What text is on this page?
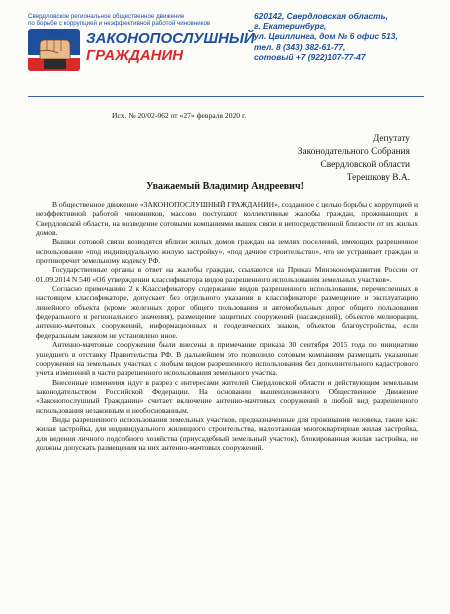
Свердловское региональное общественное движение
по борьбе с коррупцией и неэффективной работой чиновников
ЗАКОНОПОСЛУШНЫЙ
ГРАЖДАНИН
620142, Свердловская область,
г. Екатеринбург,
ул. Цвиллинга, дом № 6 офис 513,
тел. 8 (343) 382-61-77,
сотовый +7 (922)107-77-47
Исх. № 20/02-062 от «27» февраля 2020 г.
Депутату
Законодательного Собрания
Свердловской области
Терешкову В.А.
Уважаемый Владимир Андреевич!

В общественное движение «ЗАКОНОПОСЛУШНЫЙ ГРАЖДАНИН», созданное с целью борьбы с коррупцией и неэффективной работой чиновников, массово поступают коллективные жалобы граждан, проживающих в Свердловской области, на возведение сотовыми компаниями вышек связи в непосредственной близости от их жилых домов.

Вышки сотовой связи возводятся вблизи жилых домов граждан на землях поселений, имеющих разрешенное использование «под индивидуальную жилую застройку», «под дачное строительство», что не устраивает граждан и противоречит земельному кодексу РФ.

Государственные органы в ответ на жалобы граждан, ссылаются на Приказ Минэкономразвития России от 01.09.2014 N 540 «Об утверждении классификатора видов разрешенного использования земельных участков».

Согласно примечанию 2 к Классификатору содержание видов разрешенного использования, перечисленных в настоящем классификаторе, допускает без отдельного указания в классификаторе размещение и эксплуатацию линейного объекта (кроме железных дорог общего пользования и автомобильных дорог общего пользования федерального и регионального значения), размещение защитных сооружений (насаждений), объектов мелиорации, антенно-мачтовых сооружений, информационных и геодезических знаков, объектов благоустройства, если федеральным законом не установлено иное.

Антенно-мачтовые сооружения были внесены в примечание приказа 30 сентября 2015 года по инициативе ушедшего в отставку Правительства РФ. В дальнейшем это позволило сотовым компаниям размещать указанные сооружения на земельных участках с любым видом разрешенного использования без дополнительного кадастрового учета изменений в части разрешенного использования земельного участка.

Внесенные изменения идут в разрез с интересами жителей Свердловской области и действующим земельным законодательством Российской Федерации. На основании вышеизложенного Общественное Движение «Законопослушный Гражданин» считает включение антенно-мачтовых сооружений в любой вид разрешенного использования незаконным и необоснованным.

Виды разрешенного использования земельных участков, предназначенные для проживания человека, такие как: жилая застройка, для индивидуального жилищного строительства, малоэтажная многоквартирная жилая застройка, для ведения личного подсобного хозяйства (приусадебный земельный участок), блокированная жилая застройка, не должны допускать размещения на них антенно-мачтовых сооружений.
